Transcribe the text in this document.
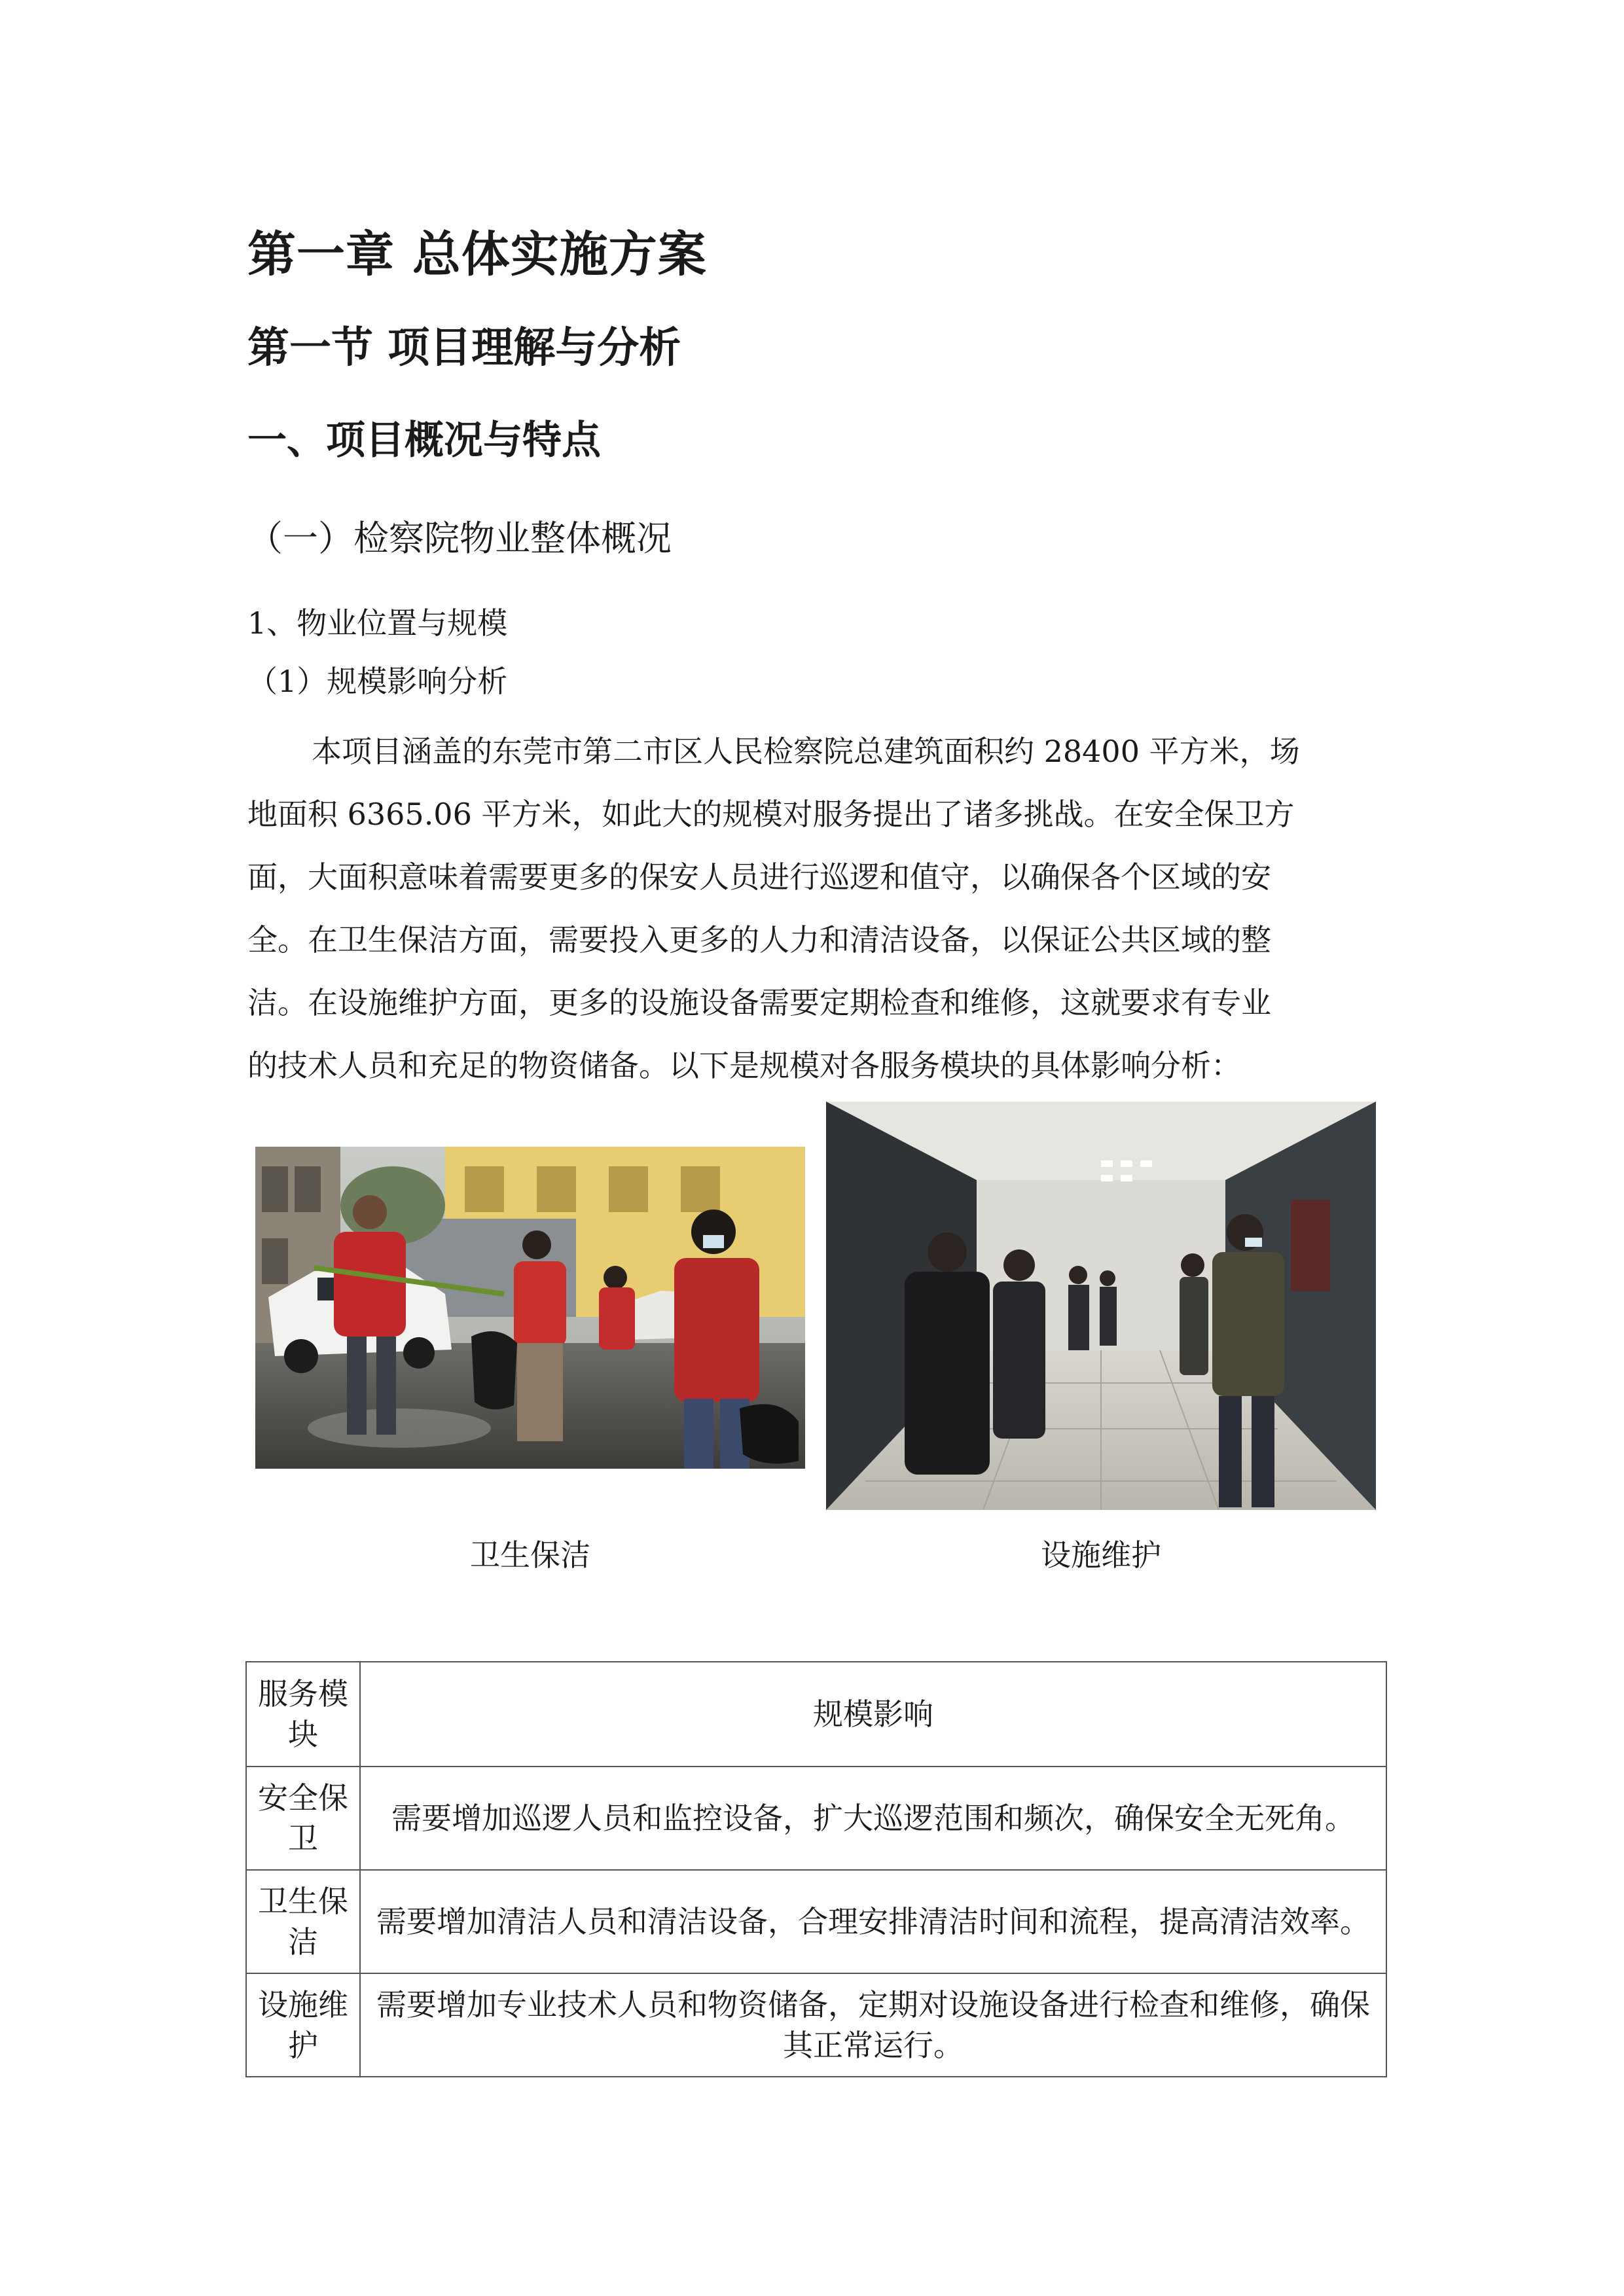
第一章 总体实施方案
第一节 项目理解与分析
一、项目概况与特点
（一）检察院物业整体概况
1、物业位置与规模
（1）规模影响分析
本项目涵盖的东莞市第二市区人民检察院总建筑面积约 28400 平方米，场
地面积 6365.06 平方米，如此大的规模对服务提出了诸多挑战。在安全保卫方
面，大面积意味着需要更多的保安人员进行巡逻和值守，以确保各个区域的安
全。在卫生保洁方面，需要投入更多的人力和清洁设备，以保证公共区域的整
洁。在设施维护方面，更多的设施设备需要定期检查和维修，这就要求有专业
的技术人员和充足的物资储备。以下是规模对各服务模块的具体影响分析：
卫生保洁	设施维护
服务模块	规模影响
安全保卫	需要增加巡逻人员和监控设备，扩大巡逻范围和频次，确保安全无死角。
卫生保洁	需要增加清洁人员和清洁设备，合理安排清洁时间和流程，提高清洁效率。
设施维护	需要增加专业技术人员和物资储备，定期对设施设备进行检查和维修，确保其正常运行。
